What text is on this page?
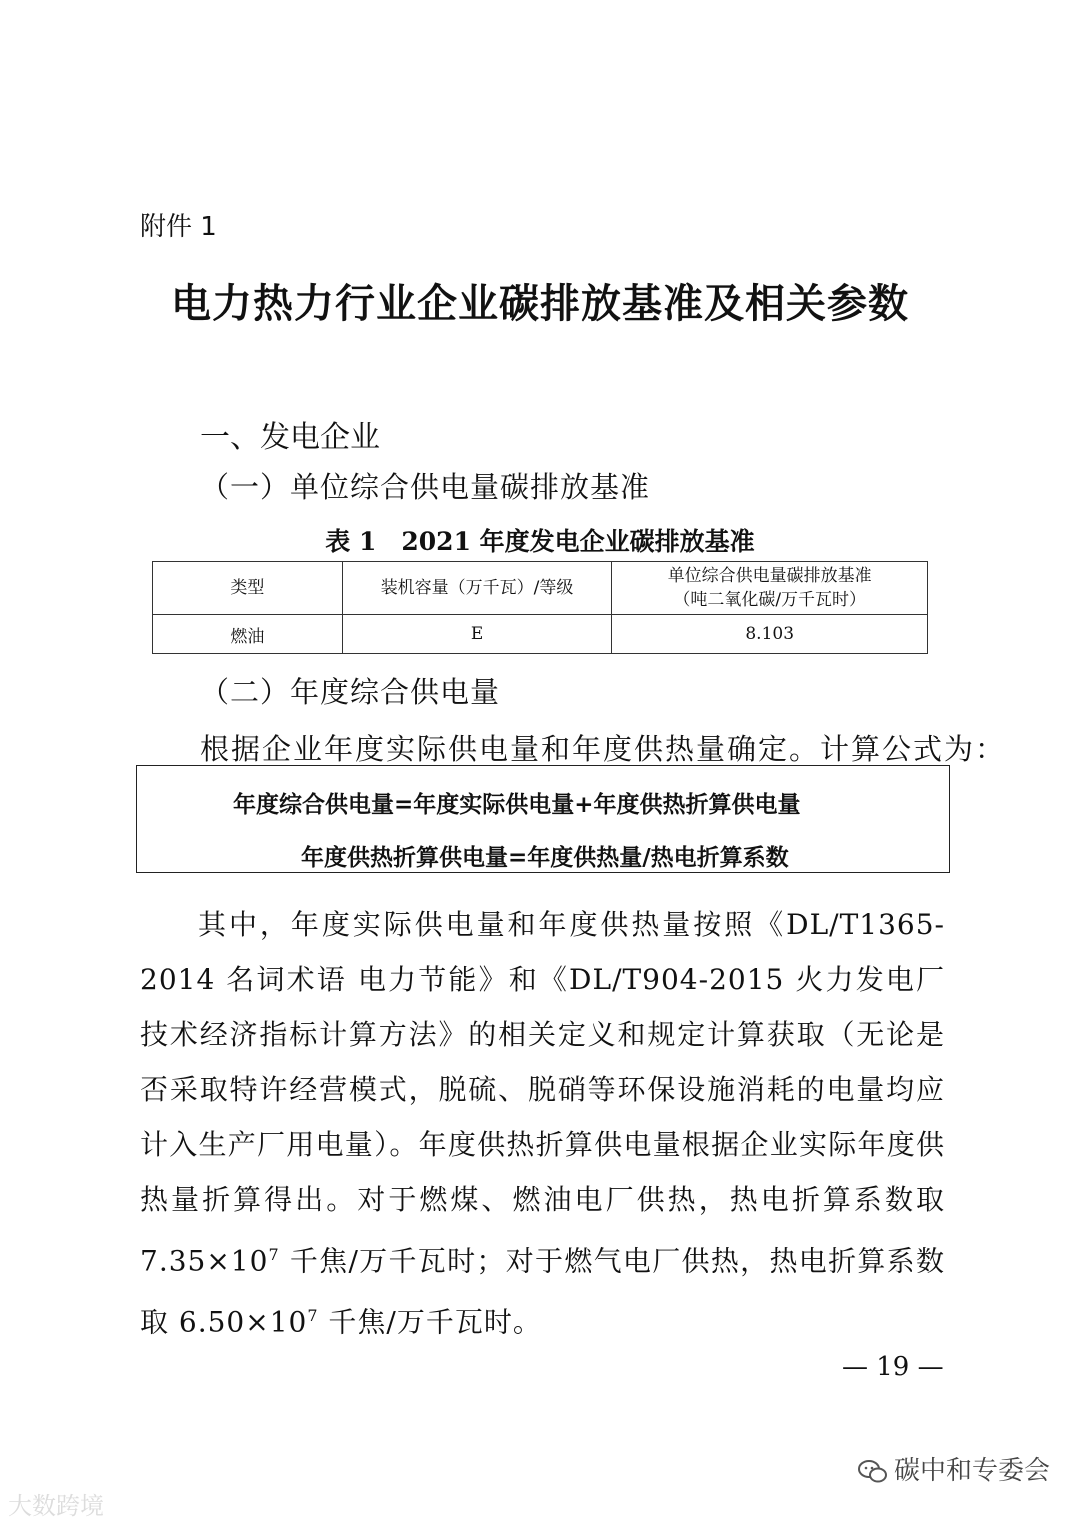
附件 1
电力热力行业企业碳排放基准及相关参数
一、发电企业
（一）单位综合供电量碳排放基准
表 1　2021 年度发电企业碳排放基准
类型	装机容量（万千瓦）/等级	单位综合供电量碳排放基准
（吨二氧化碳/万千瓦时）

燃油	E	8.103
（二）年度综合供电量
根据企业年度实际供电量和年度供热量确定。计算公式为：
年度综合供电量=年度实际供电量+年度供热折算供电量
年度供热折算供电量=年度供热量/热电折算系数
其中，年度实际供电量和年度供热量按照《DL/T1365-2014 名词术语 电力节能》和《DL/T904-2015 火力发电厂技术经济指标计算方法》的相关定义和规定计算获取（无论是否采取特许经营模式，脱硫、脱硝等环保设施消耗的电量均应计入生产厂用电量）。年度供热折算供电量根据企业实际年度供热量折算得出。对于燃煤、燃油电厂供热，热电折算系数取 $7.35\times 10^7$ 千焦/万千瓦时；对于燃气电厂供热，热电折算系数取 $6.50\times 10^7$ 千焦/万千瓦时。
— 19 —
大数跨境
碳中和专委会
